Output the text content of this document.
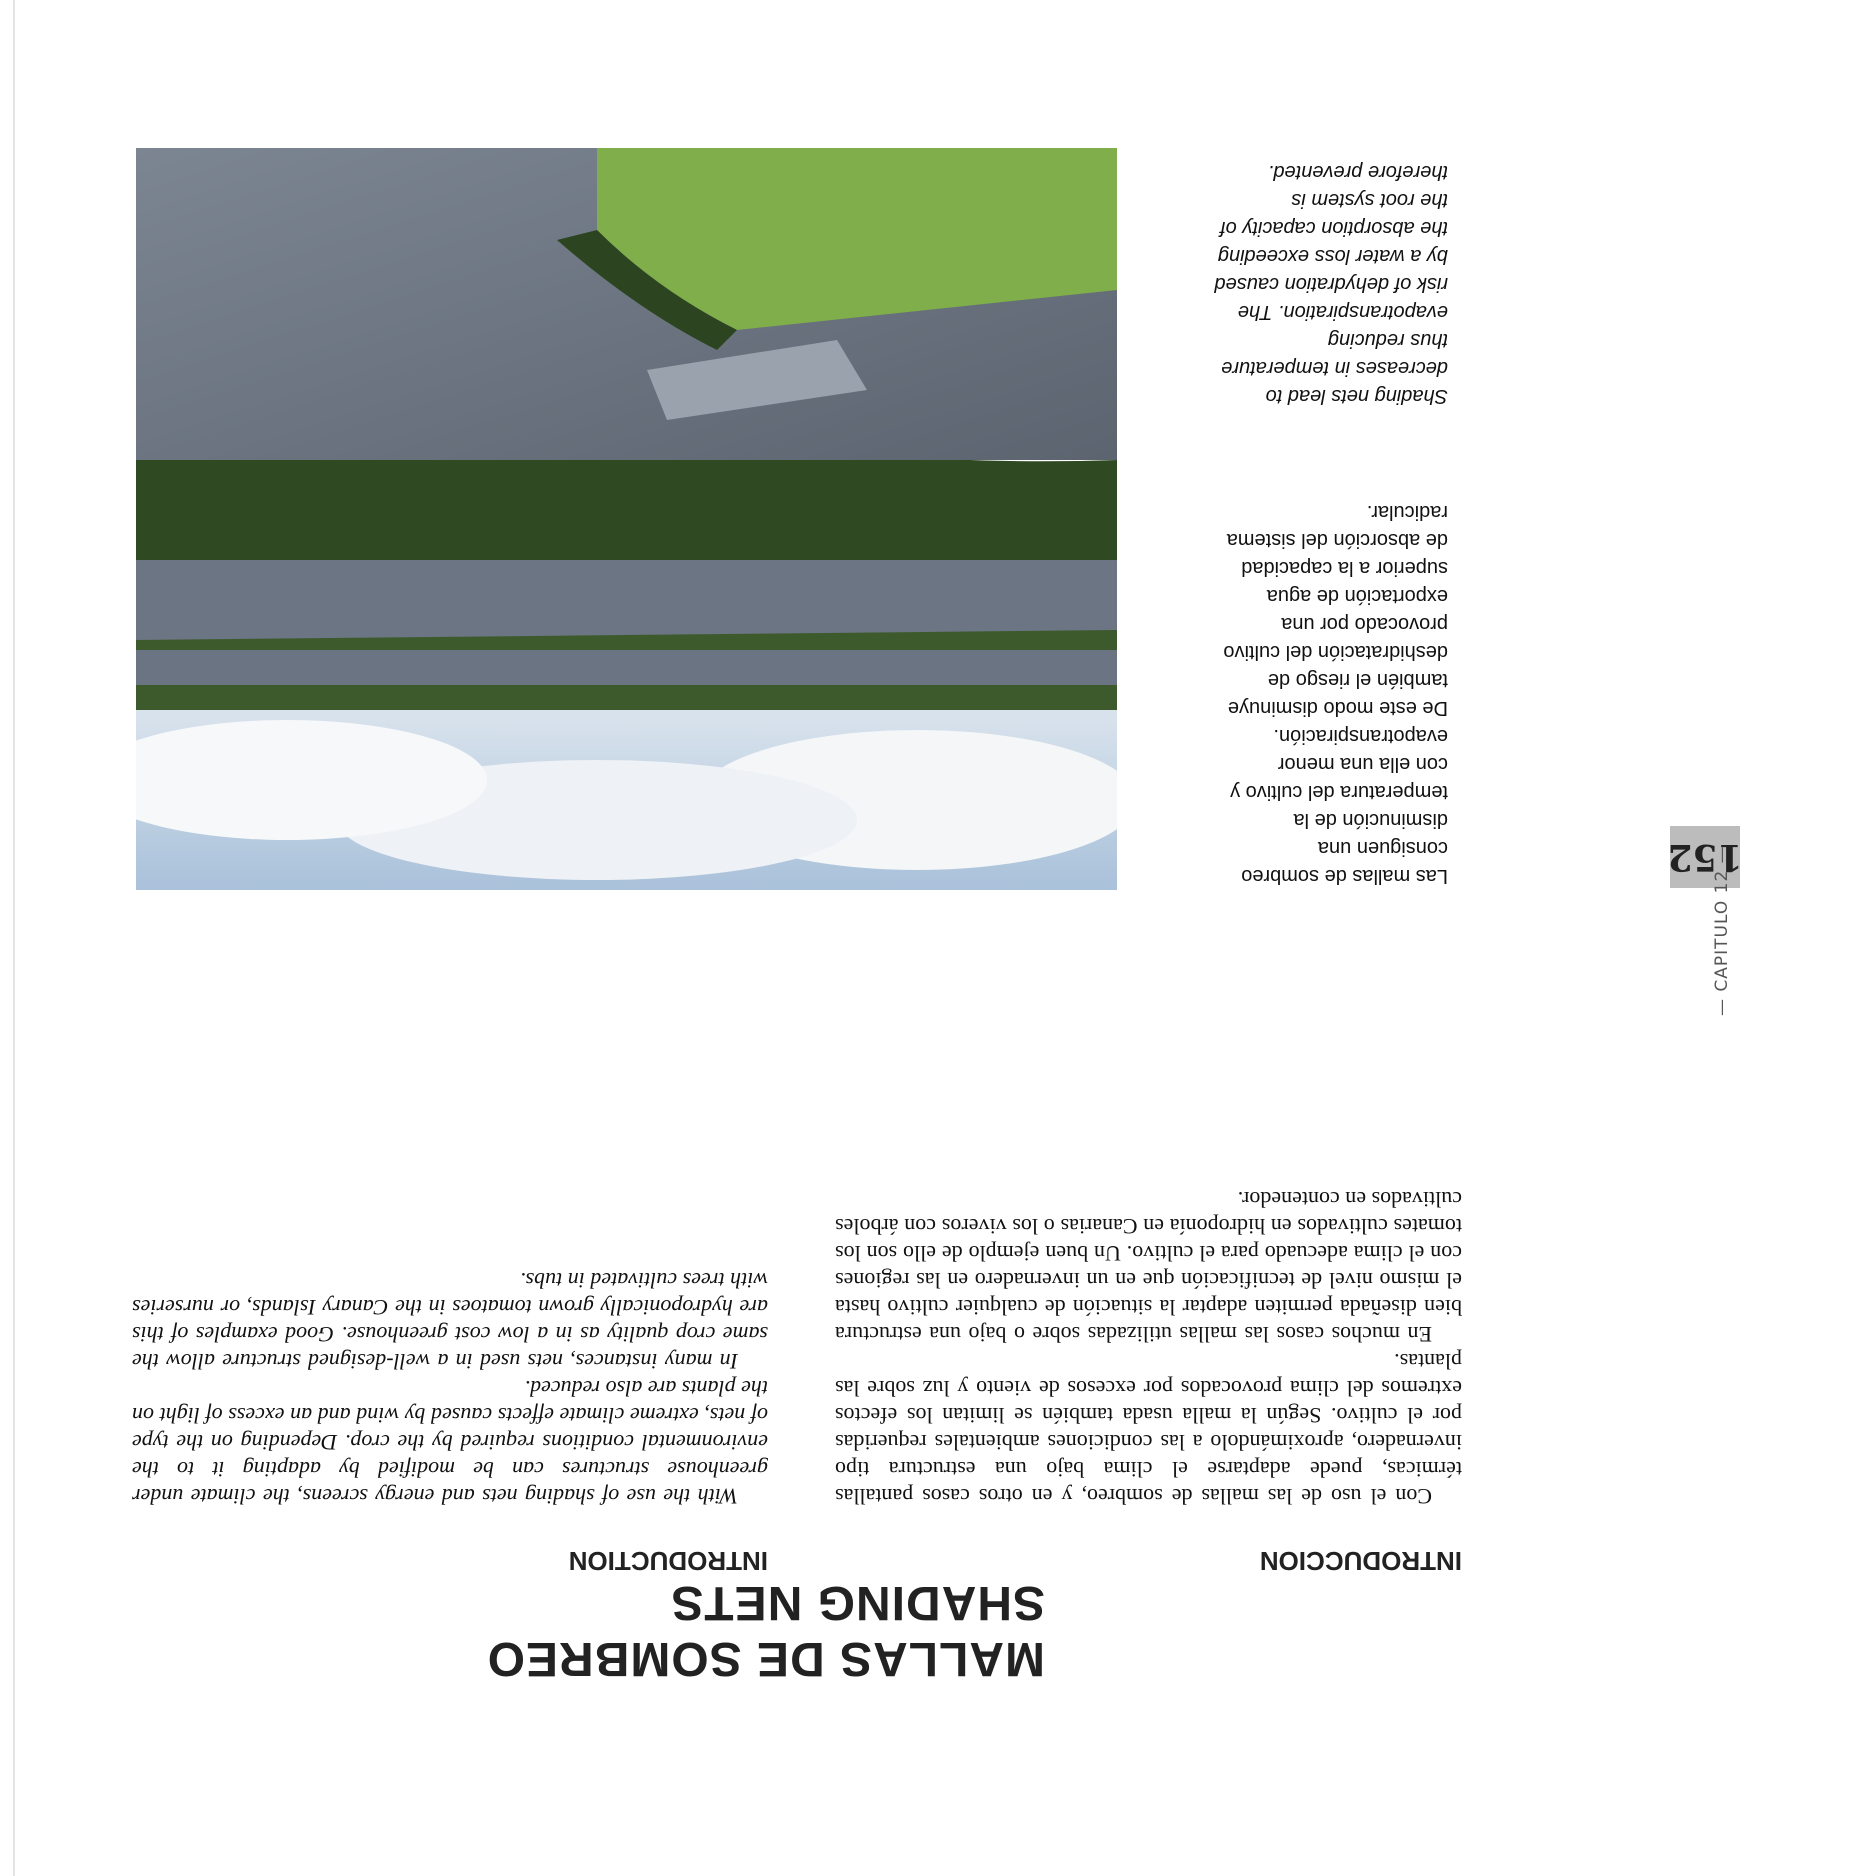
152
— CAPITULO 12 —
Las mallas de sombreo
consiguen una
disminución de la
temperatura del cultivo y
con ella una menor
evapotranspiración.
De este modo disminuye
también el riesgo de
deshidratación del cultivo
provocado por una
exportación de agua
superior a la capacidad
de absorción del sistema
radicular.
Shading nets lead to
decreases in temperature
thus reducing
evapotranspiration. The
risk of dehydration caused
by a water loss exceeding
the absorption capacity of
the root system is
therefore prevented.
MALLAS DE SOMBREO
SHADING NETS
INTRODUCCION
INTRODUCTION

Con el uso de las mallas de sombreo, y en otros casos pantallas térmicas, puede adaptarse el clima bajo una estructura tipo invernadero, aproximándolo a las condiciones ambientales requeridas por el cultivo. Según la malla usada también se limitan los efectos extremos del clima provocados por excesos de viento y luz sobre las plantas.

En muchos casos las mallas utilizadas sobre o bajo una estructura bien diseñada permiten adaptar la situación de cualquier cultivo hasta el mismo nivel de tecnificación que en un invernadero en las regiones con el clima adecuado para el cultivo. Un buen ejemplo de ello son los tomates cultivados en hidroponía en Canarias o los viveros con árboles cultivados en contenedor.

With the use of shading nets and energy screens, the climate under greenhouse structures can be modified by adapting it to the environmental conditions required by the crop. Depending on the type of nets, extreme climate effects caused by wind and an excess of light on the plants are also reduced.

In many instances, nets used in a well-designed structure allow the same crop quality as in a low cost greenhouse. Good examples of this are hydroponically grown tomatoes in the Canary Islands, or nurseries with trees cultivated in tubs.
